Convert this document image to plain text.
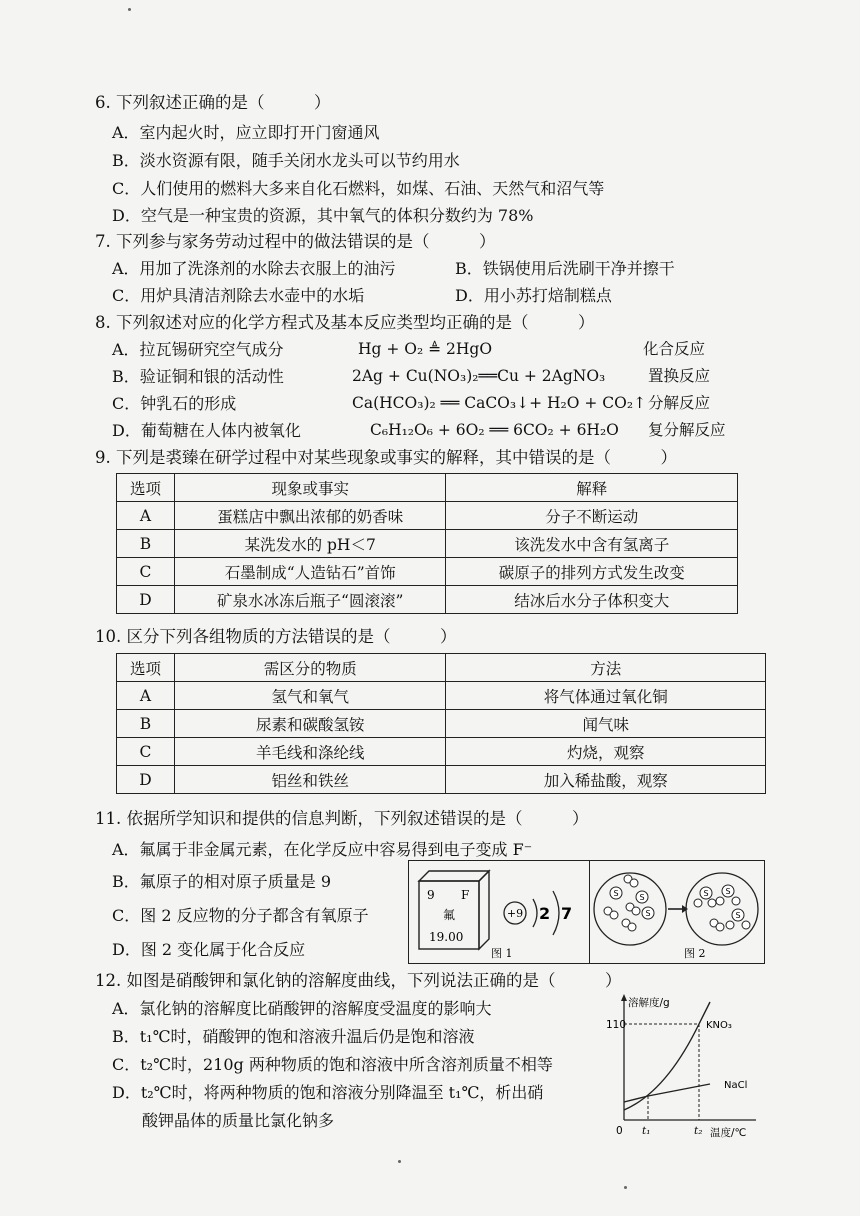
6. 下列叙述正确的是（　　　）
A．室内起火时，应立即打开门窗通风
B．淡水资源有限，随手关闭水龙头可以节约用水
C．人们使用的燃料大多来自化石燃料，如煤、石油、天然气和沼气等
D．空气是一种宝贵的资源，其中氧气的体积分数约为 78%
7. 下列参与家务劳动过程中的做法错误的是（　　　）
A．用加了洗涤剂的水除去衣服上的油污	B．铁锅使用后洗刷干净并擦干
C．用炉具清洁剂除去水壶中的水垢	D．用小苏打焙制糕点
8. 下列叙述对应的化学方程式及基本反应类型均正确的是（　　　）
A．拉瓦锡研究空气成分	Hg + O₂ ≜ 2HgO	化合反应
B．验证铜和银的活动性	2Ag + Cu(NO₃)₂══Cu + 2AgNO₃	置换反应
C．钟乳石的形成	Ca(HCO₃)₂ ══ CaCO₃↓+ H₂O + CO₂↑ 分解反应
D．葡萄糖在人体内被氧化	C₆H₁₂O₆ + 6O₂ ══ 6CO₂ + 6H₂O 复分解反应
9. 下列是裘臻在研学过程中对某些现象或事实的解释，其中错误的是（　　　）
选项	现象或事实	解释
A	蛋糕店中飘出浓郁的奶香味	分子不断运动
B	某洗发水的 pH＜7	该洗发水中含有氢离子
C	石墨制成“人造钻石”首饰	碳原子的排列方式发生改变
D	矿泉水冰冻后瓶子“圆滚滚”	结冰后水分子体积变大
10. 区分下列各组物质的方法错误的是（　　　）
选项	需区分的物质	方法
A	氢气和氧气	将气体通过氧化铜
B	尿素和碳酸氢铵	闻气味
C	羊毛线和涤纶线	灼烧，观察
D	铝丝和铁丝	加入稀盐酸，观察
11. 依据所学知识和提供的信息判断，下列叙述错误的是（　　　）
A．氟属于非金属元素，在化学反应中容易得到电子变成 F⁻
B．氟原子的相对原子质量是 9
C．图 2 反应物的分子都含有氧原子
D．图 2 变化属于化合反应
9 F
氟
19.00
+9 2 7
图 1
S	S
S
S S
S
图 2
12. 如图是硝酸钾和氯化钠的溶解度曲线，下列说法正确的是（　　　）
A．氯化钠的溶解度比硝酸钾的溶解度受温度的影响大
B．t₁℃时，硝酸钾的饱和溶液升温后仍是饱和溶液
C．t₂℃时，210g 两种物质的饱和溶液中所含溶剂质量不相等
D．t₂℃时，将两种物质的饱和溶液分别降温至 t₁℃，析出硝
酸钾晶体的质量比氯化钠多
溶解度/g
110
0 t₁	t₂ 温度/℃
KNO₃
NaCl
